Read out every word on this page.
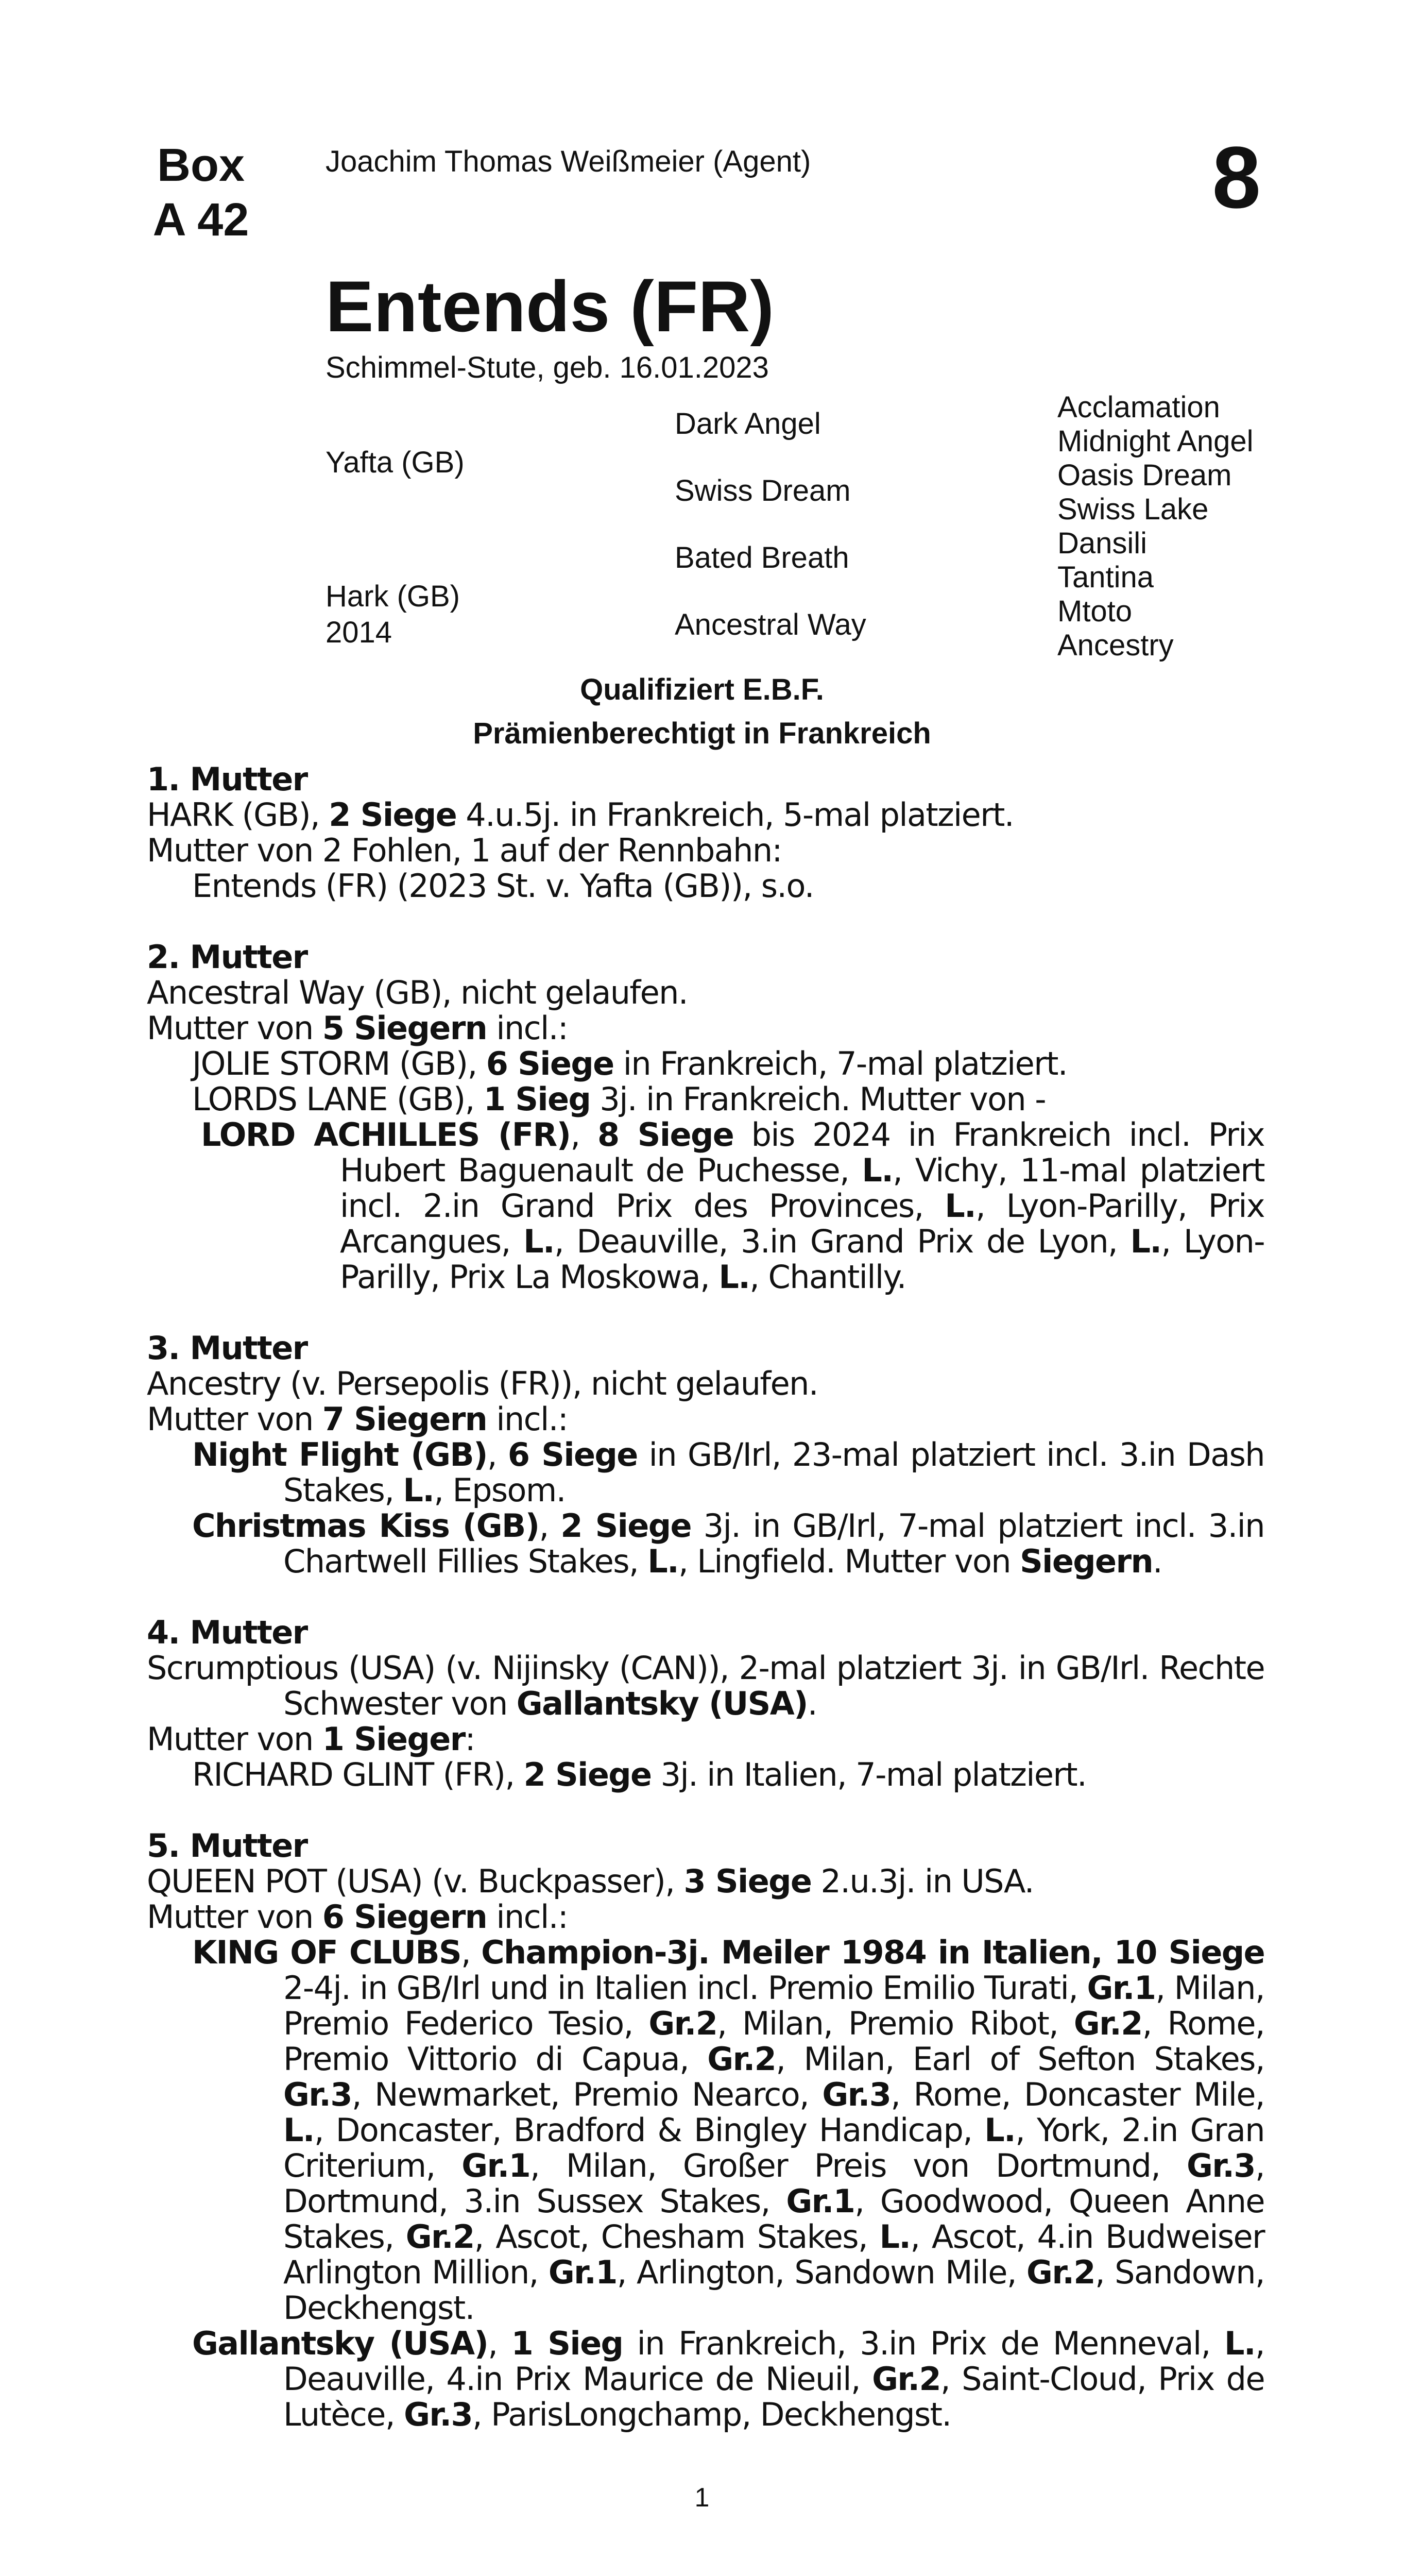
Box
A 42
Joachim Thomas Weißmeier (Agent)	8
Entends (FR)
Schimmel-Stute, geb. 16.01.2023
Yafta (GB)
Hark (GB)
2014
Dark Angel
Swiss Dream
Bated Breath
Ancestral Way
Acclamation
Midnight Angel
Oasis Dream
Swiss Lake
Dansili
Tantina
Mtoto
Ancestry
Qualifiziert E.B.F.
Prämienberechtigt in Frankreich
1. Mutter
HARK (GB), 2 Siege 4.u.5j. in Frankreich, 5-mal platziert.
Mutter von 2 Fohlen, 1 auf der Rennbahn:
Entends (FR) (2023 St. v. Yafta (GB)), s.o.
2. Mutter
Ancestral Way (GB), nicht gelaufen.
Mutter von 5 Siegern incl.:
JOLIE STORM (GB), 6 Siege in Frankreich, 7-mal platziert.
LORDS LANE (GB), 1 Sieg 3j. in Frankreich. Mutter von -
LORD ACHILLES (FR), 8 Siege bis 2024 in Frankreich incl. Prix Hubert Baguenault de Puchesse, L., Vichy, 11-mal platziert incl. 2.in Grand Prix des Provinces, L., Lyon-Parilly, Prix Arcangues, L., Deauville, 3.in Grand Prix de Lyon, L., Lyon-Parilly, Prix La Moskowa, L., Chantilly.
3. Mutter
Ancestry (v. Persepolis (FR)), nicht gelaufen.
Mutter von 7 Siegern incl.:
Night Flight (GB), 6 Siege in GB/Irl, 23-mal platziert incl. 3.in Dash Stakes, L., Epsom.
Christmas Kiss (GB), 2 Siege 3j. in GB/Irl, 7-mal platziert incl. 3.in Chartwell Fillies Stakes, L., Lingfield. Mutter von Siegern.
4. Mutter
Scrumptious (USA) (v. Nijinsky (CAN)), 2-mal platziert 3j. in GB/Irl. Rechte Schwester von Gallantsky (USA).
Mutter von 1 Sieger:
RICHARD GLINT (FR), 2 Siege 3j. in Italien, 7-mal platziert.
5. Mutter
QUEEN POT (USA) (v. Buckpasser), 3 Siege 2.u.3j. in USA.
Mutter von 6 Siegern incl.:
KING OF CLUBS, Champion-3j. Meiler 1984 in Italien, 10 Siege 2-4j. in GB/Irl und in Italien incl. Premio Emilio Turati, Gr.1, Milan, Premio Federico Tesio, Gr.2, Milan, Premio Ribot, Gr.2, Rome, Premio Vittorio di Capua, Gr.2, Milan, Earl of Sefton Stakes, Gr.3, Newmarket, Premio Nearco, Gr.3, Rome, Doncaster Mile, L., Doncaster, Bradford & Bingley Handicap, L., York, 2.in Gran Criterium, Gr.1, Milan, Großer Preis von Dortmund, Gr.3, Dortmund, 3.in Sussex Stakes, Gr.1, Goodwood, Queen Anne Stakes, Gr.2, Ascot, Chesham Stakes, L., Ascot, 4.in Budweiser Arlington Million, Gr.1, Arlington, Sandown Mile, Gr.2, Sandown, Deckhengst.
Gallantsky (USA), 1 Sieg in Frankreich, 3.in Prix de Menneval, L., Deauville, 4.in Prix Maurice de Nieuil, Gr.2, Saint-Cloud, Prix de Lutèce, Gr.3, ParisLongchamp, Deckhengst.
1
